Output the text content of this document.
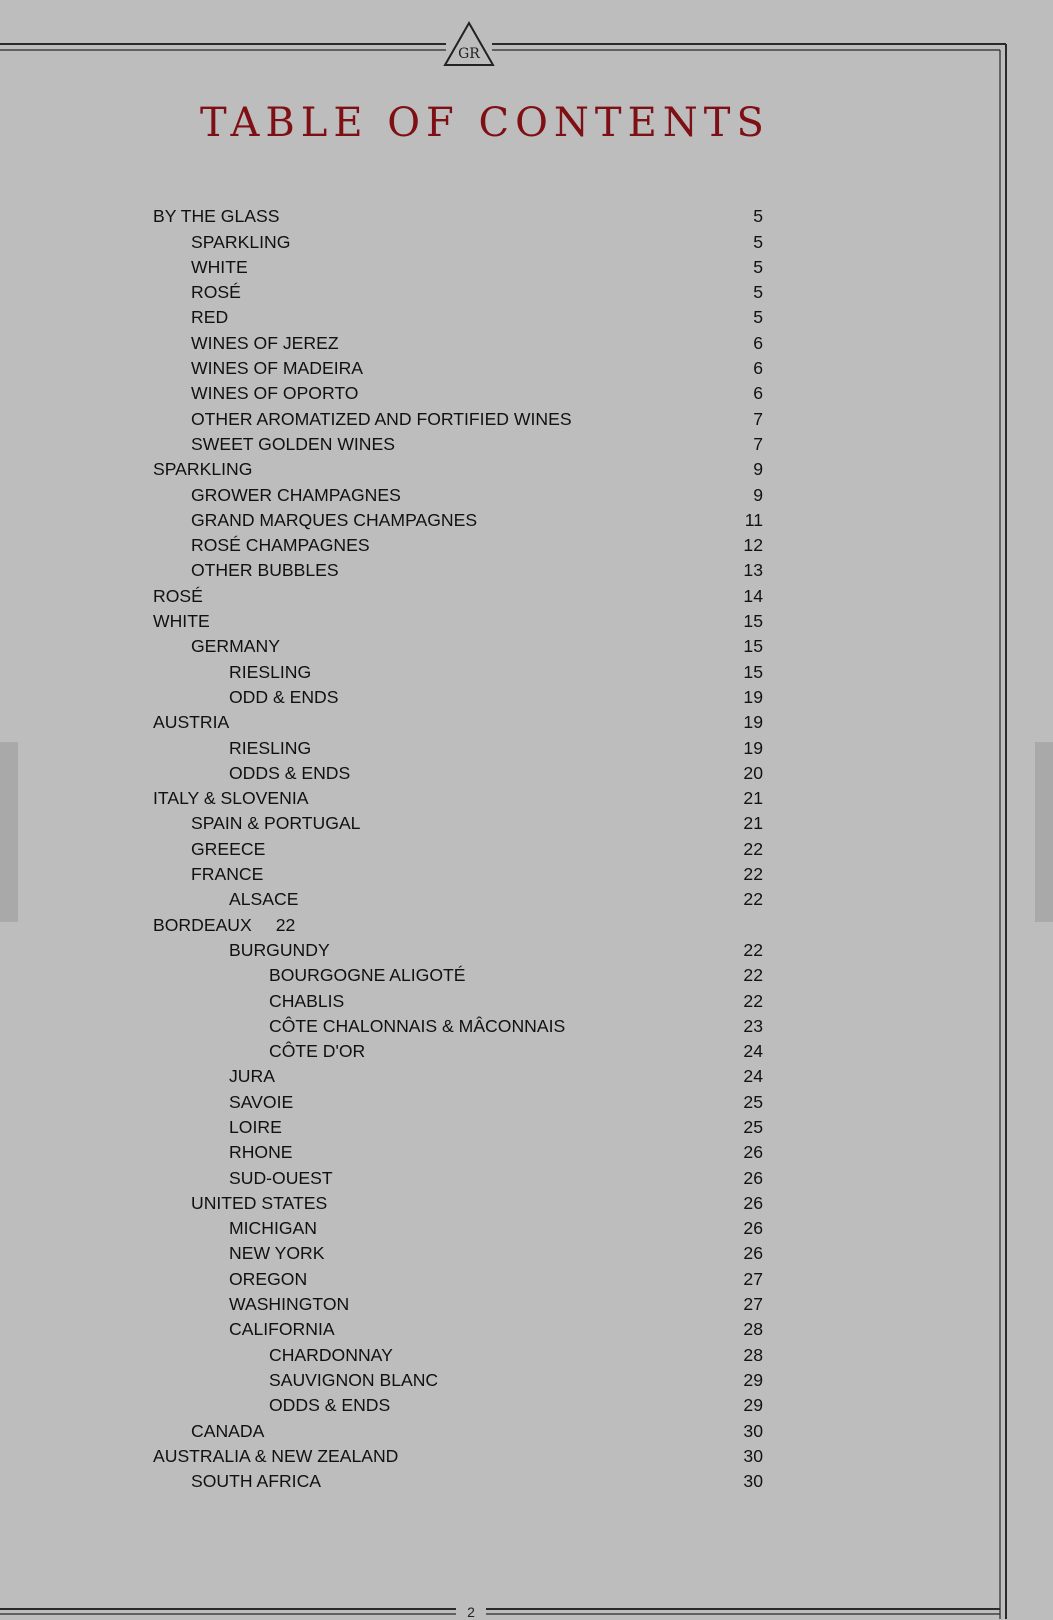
GR
TABLE OF CONTENTS
BY THE GLASS	5
SPARKLING	5
WHITE	5
ROSÉ	5
RED	5
WINES OF JEREZ	6
WINES OF MADEIRA	6
WINES OF OPORTO	6
OTHER AROMATIZED AND FORTIFIED WINES	7
SWEET GOLDEN WINES	7
SPARKLING	9
GROWER CHAMPAGNES	9
GRAND MARQUES CHAMPAGNES	11
ROSÉ CHAMPAGNES	12
OTHER BUBBLES	13
ROSÉ	14
WHITE	15
GERMANY	15
RIESLING	15
ODD & ENDS	19
AUSTRIA	19
RIESLING	19
ODDS & ENDS	20
ITALY & SLOVENIA	21
SPAIN & PORTUGAL	21
GREECE	22
FRANCE	22
ALSACE	22
BORDEAUX 22
BURGUNDY	22
BOURGOGNE ALIGOTÉ	22
CHABLIS	22
CÔTE CHALONNAIS & MÂCONNAIS	23
CÔTE D'OR	24
JURA	24
SAVOIE	25
LOIRE	25
RHONE	26
SUD-OUEST	26
UNITED STATES	26
MICHIGAN	26
NEW YORK	26
OREGON	27
WASHINGTON	27
CALIFORNIA	28
CHARDONNAY	28
SAUVIGNON BLANC	29
ODDS & ENDS	29
CANADA	30
AUSTRALIA & NEW ZEALAND	30
SOUTH AFRICA	30
2
